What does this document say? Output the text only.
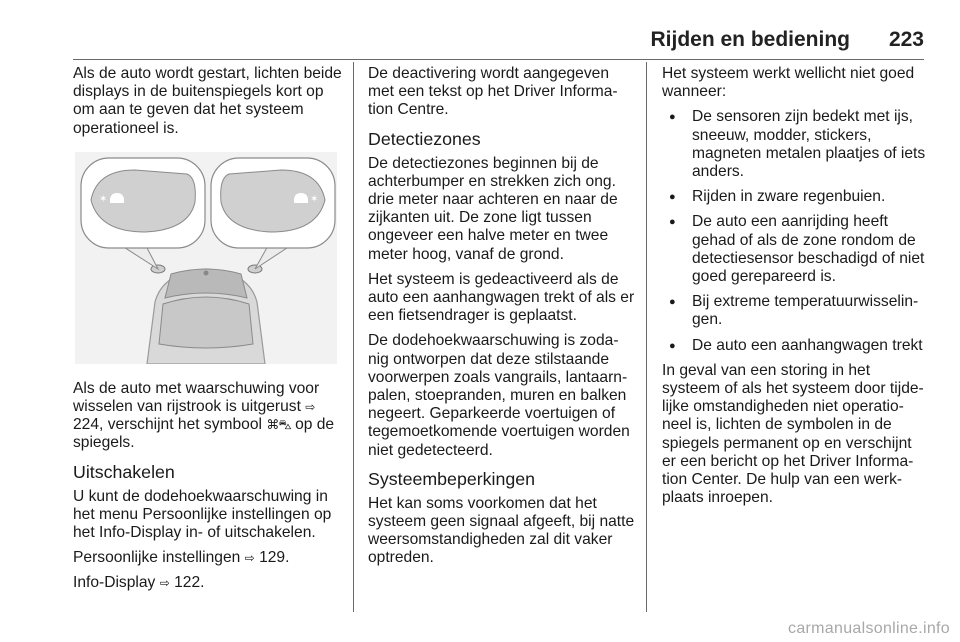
Rijden en bediening 223

Als de auto wordt gestart, lichten beide displays in de buitenspiegels kort op om aan te geven dat het systeem operationeel is.

✶	✶

Als de auto met waarschuwing voor wisselen van rijstrook is uitgerust ⇨ 224, verschijnt het symbool ⌘⛍ op de spiegels.

Uitschakelen

U kunt de dodehoekwaarschuwing in het menu Persoonlijke instellingen op het Info-Display in- of uitschakelen.

Persoonlijke instellingen ⇨ 129.

Info-Display ⇨ 122.

De deactivering wordt aangegeven met een tekst op het Driver Informa-tion Centre.

Detectiezones

De detectiezones beginnen bij de achterbumper en strekken zich ong. drie meter naar achteren en naar de zijkanten uit. De zone ligt tussen ongeveer een halve meter en twee meter hoog, vanaf de grond.

Het systeem is gedeactiveerd als de auto een aanhangwagen trekt of als er een fietsendrager is geplaatst.

De dodehoekwaarschuwing is zoda-nig ontworpen dat deze stilstaande voorwerpen zoals vangrails, lantaarn-palen, stoepranden, muren en balken negeert. Geparkeerde voertuigen of tegemoetkomende voertuigen worden niet gedetecteerd.

Systeembeperkingen

Het kan soms voorkomen dat het systeem geen signaal afgeeft, bij natte weersomstandigheden zal dit vaker optreden.

Het systeem werkt wellicht niet goed wanneer:

● De sensoren zijn bedekt met ijs, sneeuw, modder, stickers, magneten metalen plaatjes of iets anders.
● Rijden in zware regenbuien.
● De auto een aanrijding heeft gehad of als de zone rondom de detectiesensor beschadigd of niet goed gerepareerd is.
● Bij extreme temperatuurwisselin-gen.
● De auto een aanhangwagen trekt

In geval van een storing in het systeem of als het systeem door tijde-lijke omstandigheden niet operatio-neel is, lichten de symbolen in de spiegels permanent op en verschijnt er een bericht op het Driver Informa-tion Center. De hulp van een werk-plaats inroepen.

carmanualsonline.info
